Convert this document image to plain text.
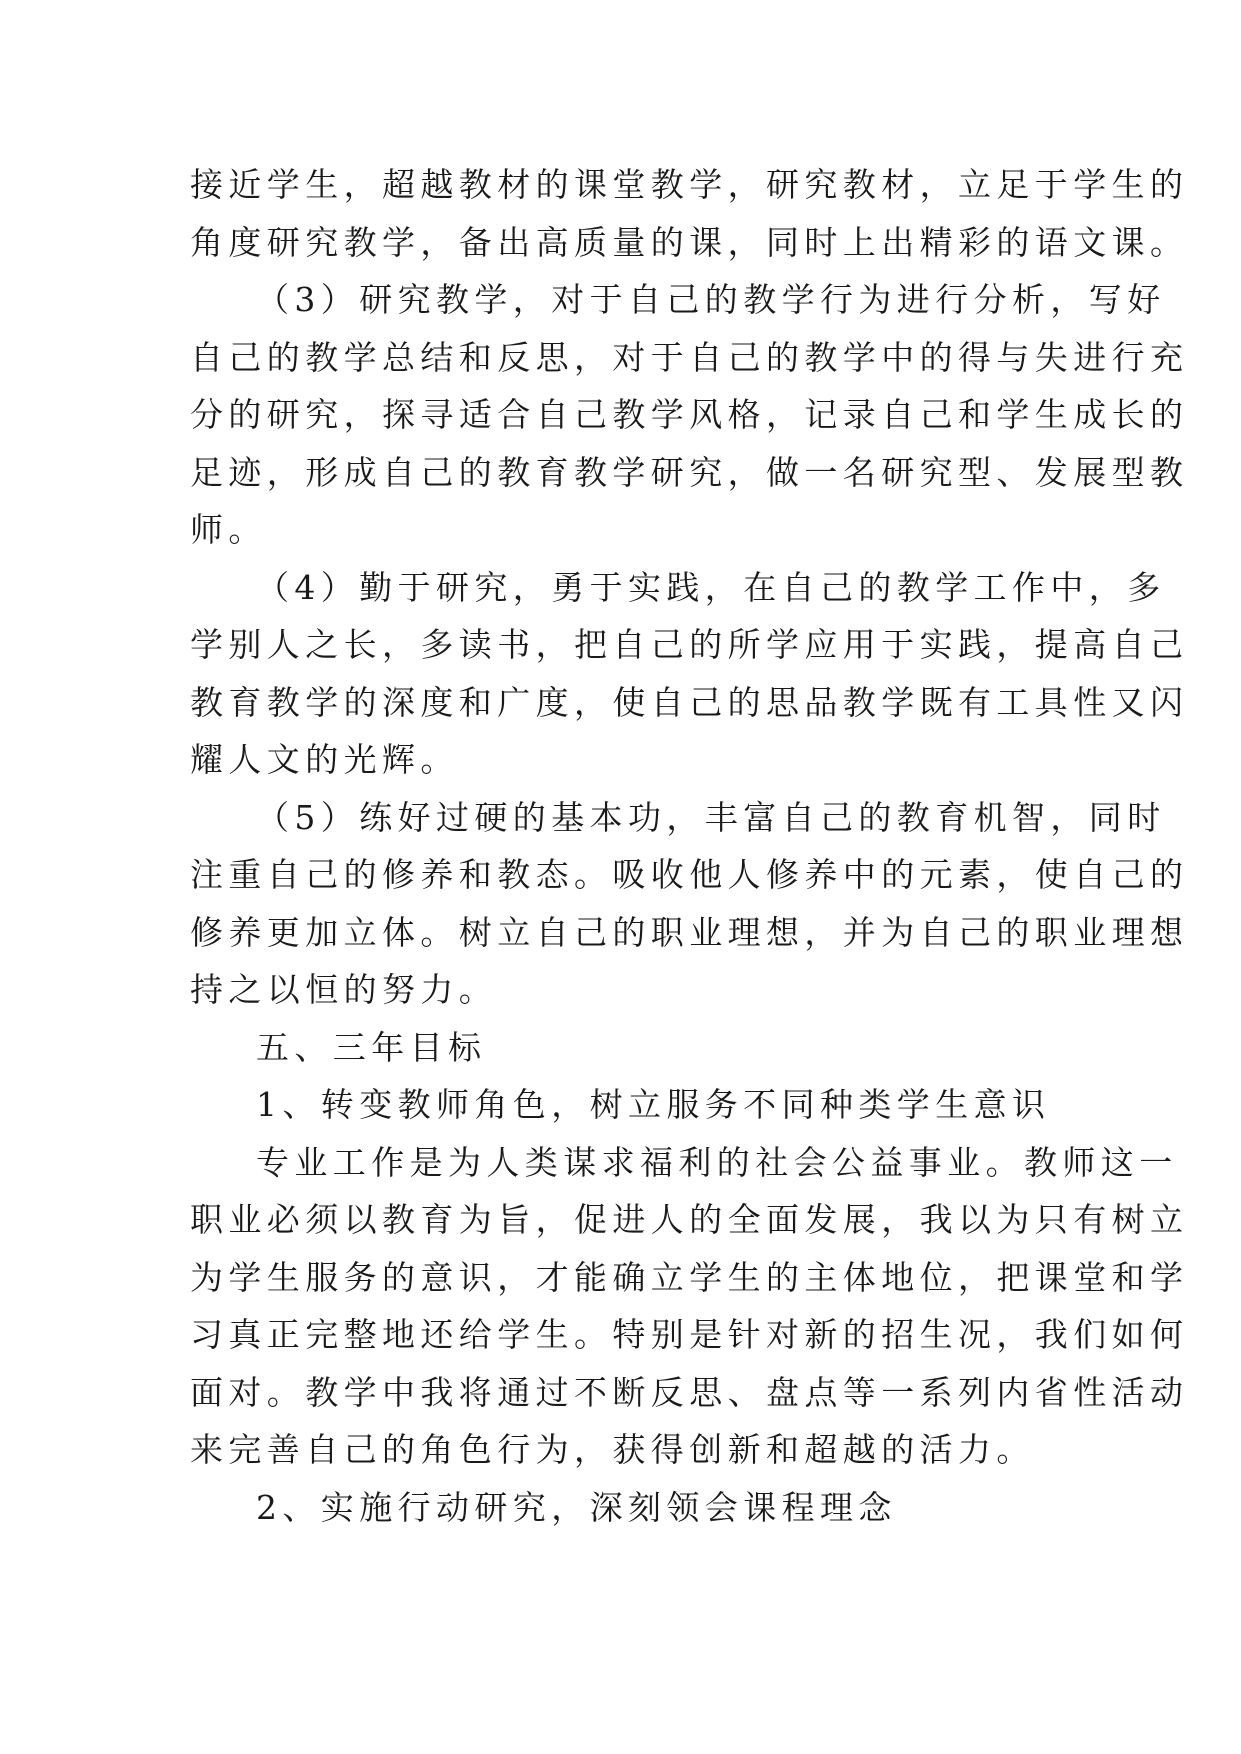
接近学生，超越教材的课堂教学，研究教材，立足于学生的
角度研究教学，备出高质量的课，同时上出精彩的语文课。
（3）研究教学，对于自己的教学行为进行分析，写好
自己的教学总结和反思，对于自己的教学中的得与失进行充
分的研究，探寻适合自己教学风格，记录自己和学生成长的
足迹，形成自己的教育教学研究，做一名研究型、发展型教
师。
（4）勤于研究，勇于实践，在自己的教学工作中，多
学别人之长，多读书，把自己的所学应用于实践，提高自己
教育教学的深度和广度，使自己的思品教学既有工具性又闪
耀人文的光辉。
（5）练好过硬的基本功，丰富自己的教育机智，同时
注重自己的修养和教态。吸收他人修养中的元素，使自己的
修养更加立体。树立自己的职业理想，并为自己的职业理想
持之以恒的努力。
五、三年目标
1、转变教师角色，树立服务不同种类学生意识
专业工作是为人类谋求福利的社会公益事业。教师这一
职业必须以教育为旨，促进人的全面发展，我以为只有树立
为学生服务的意识，才能确立学生的主体地位，把课堂和学
习真正完整地还给学生。特别是针对新的招生况，我们如何
面对。教学中我将通过不断反思、盘点等一系列内省性活动
来完善自己的角色行为，获得创新和超越的活力。
2、实施行动研究，深刻领会课程理念
